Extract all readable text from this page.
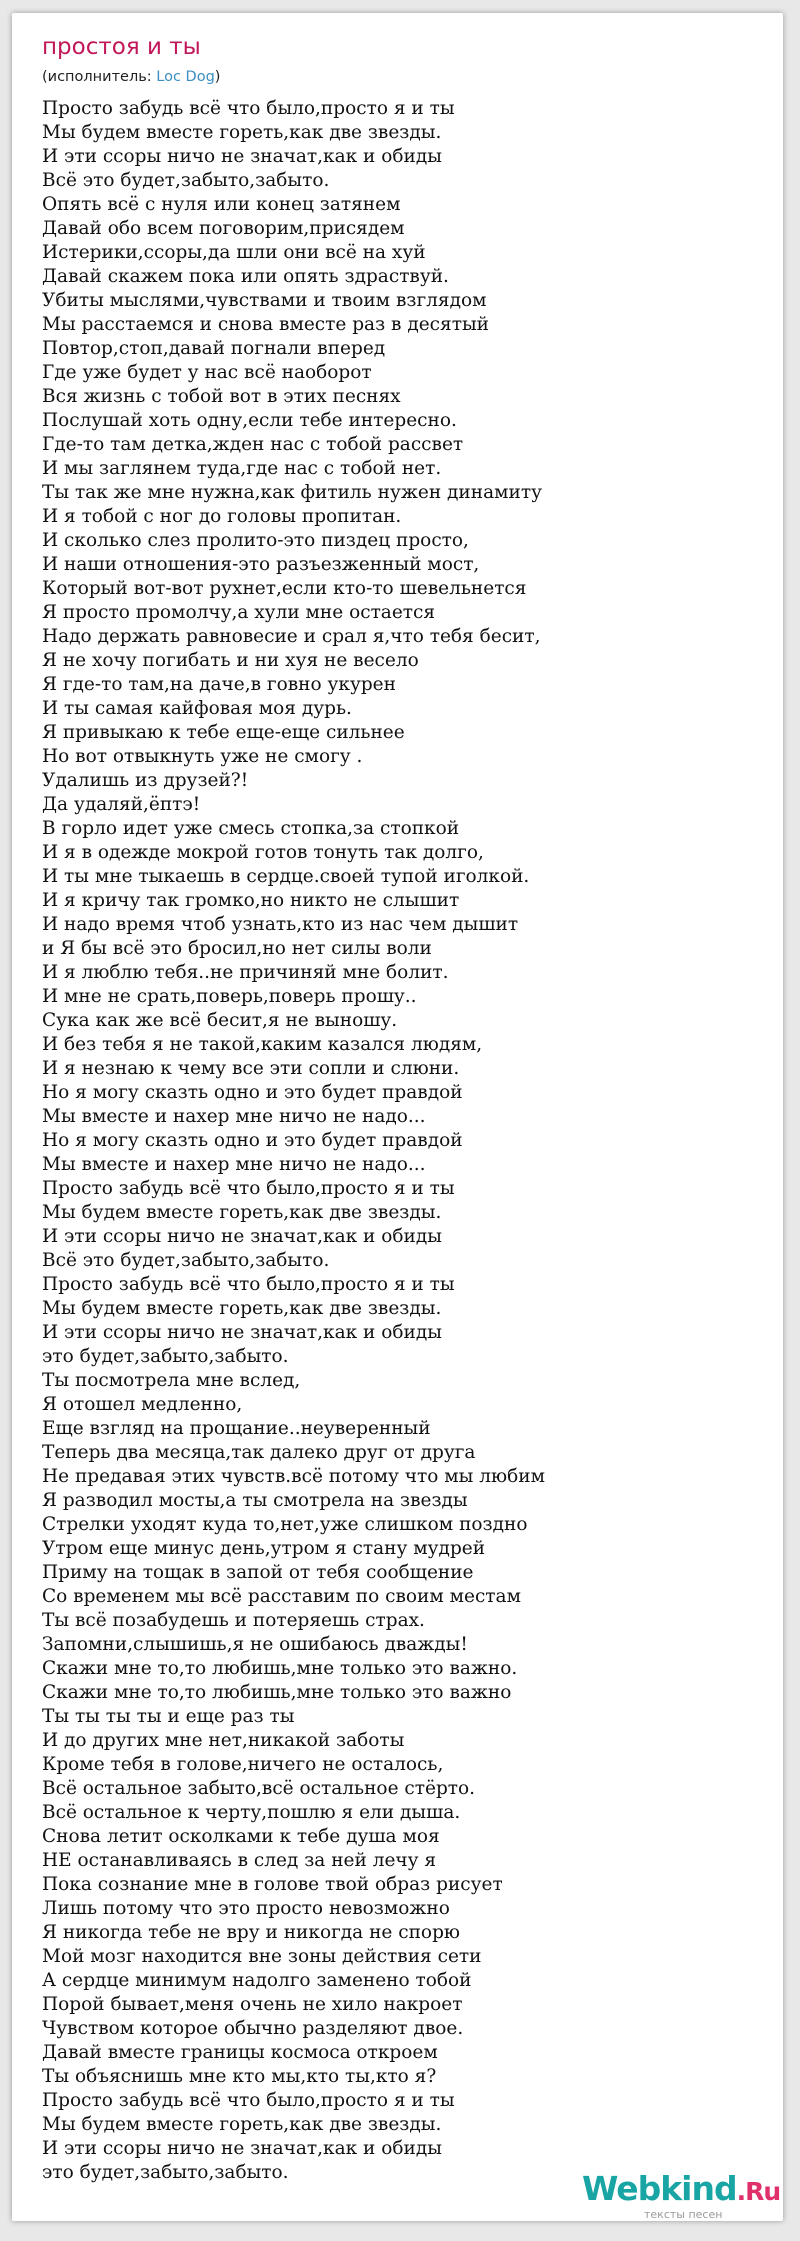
простоя и ты
(исполнитель: Loc Dog)
Просто забудь всё что было,просто я и ты
Мы будем вместе гореть,как две звезды.
И эти ссоры ничо не значат,как и обиды
Всё это будет,забыто,забыто.
Опять всё с нуля или конец затянем
Давай обо всем поговорим,присядем
Истерики,ссоры,да шли они всё на хуй
Давай скажем пока или опять здраствуй.
Убиты мыслями,чувствами и твоим взглядом
Мы расстаемся и снова вместе раз в десятый
Повтор,стоп,давай погнали вперед
Где уже будет у нас всё наоборот
Вся жизнь с тобой вот в этих песнях
Послушай хоть одну,если тебе интересно.
Где-то там детка,жден нас с тобой рассвет
И мы заглянем туда,где нас с тобой нет.
Ты так же мне нужна,как фитиль нужен динамиту
И я тобой с ног до головы пропитан.
И сколько слез пролито-это пиздец просто,
И наши отношения-это разъезженный мост,
Который вот-вот рухнет,если кто-то шевельнется
Я просто промолчу,а хули мне остается
Надо держать равновесие и срал я,что тебя бесит,
Я не хочу погибать и ни хуя не весело
Я где-то там,на даче,в говно укурен
И ты самая кайфовая моя дурь.
Я привыкаю к тебе еще-еще сильнее
Но вот отвыкнуть уже не смогу .
Удалишь из друзей?!
Да удаляй,ёптэ!
В горло идет уже смесь стопка,за стопкой
И я в одежде мокрой готов тонуть так долго,
И ты мне тыкаешь в сердце.своей тупой иголкой.
И я кричу так громко,но никто не слышит
И надо время чтоб узнать,кто из нас чем дышит
и Я бы всё это бросил,но нет силы воли
И я люблю тебя..не причиняй мне болит.
И мне не срать,поверь,поверь прошу..
Сука как же всё бесит,я не выношу.
И без тебя я не такой,каким казался людям,
И я незнаю к чему все эти сопли и слюни.
Но я могу сказть одно и это будет правдой
Мы вместе и нахер мне ничо не надо...
Но я могу сказть одно и это будет правдой
Мы вместе и нахер мне ничо не надо...
Просто забудь всё что было,просто я и ты
Мы будем вместе гореть,как две звезды.
И эти ссоры ничо не значат,как и обиды
Всё это будет,забыто,забыто.
Просто забудь всё что было,просто я и ты
Мы будем вместе гореть,как две звезды.
И эти ссоры ничо не значат,как и обиды
это будет,забыто,забыто.
Ты посмотрела мне вслед,
Я отошел медленно,
Еще взгляд на прощание..неуверенный
Теперь два месяца,так далеко друг от друга
Не предавая этих чувств.всё потому что мы любим
Я разводил мосты,а ты смотрела на звезды
Стрелки уходят куда то,нет,уже слишком поздно
Утром еще минус день,утром я стану мудрей
Приму на тощак в запой от тебя сообщение
Со временем мы всё расставим по своим местам
Ты всё позабудешь и потеряешь страх.
Запомни,слышишь,я не ошибаюсь дважды!
Скажи мне то,то любишь,мне только это важно.
Скажи мне то,то любишь,мне только это важно
Ты ты ты ты и еще раз ты
И до других мне нет,никакой заботы
Кроме тебя в голове,ничего не осталось,
Всё остальное забыто,всё остальное стёрто.
Всё остальное к черту,пошлю я ели дыша.
Снова летит осколками к тебе душа моя
НЕ останавливаясь в след за ней лечу я
Пока сознание мне в голове твой образ рисует
Лишь потому что это просто невозможно
Я никогда тебе не вру и никогда не спорю
Мой мозг находится вне зоны действия сети
А сердце минимум надолго заменено тобой
Порой бывает,меня очень не хило накроет
Чувством которое обычно разделяют двое.
Давай вместе границы космоса откроем
Ты объяснишь мне кто мы,кто ты,кто я?
Просто забудь всё что было,просто я и ты
Мы будем вместе гореть,как две звезды.
И эти ссоры ничо не значат,как и обиды
это будет,забыто,забыто.	Webkind.Ru
тексты песен
